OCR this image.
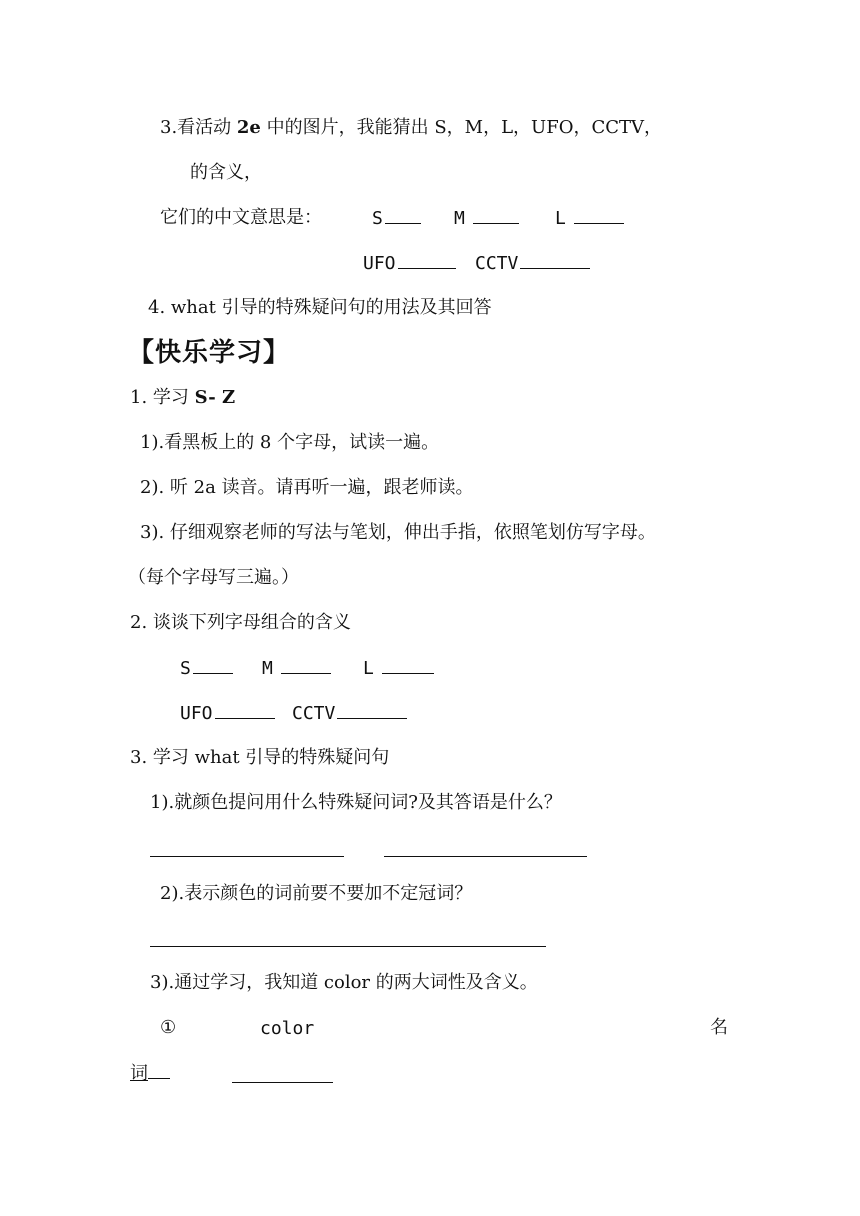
3.看活动 2e 中的图片，我能猜出 S，M，L，UFO，CCTV，
的含义，
它们的中文意思是：	S	M	L
UFO	CCTV
4. what 引导的特殊疑问句的用法及其回答
【快乐学习】
1. 学习 S- Z
1).看黑板上的 8 个字母，试读一遍。
2). 听 2a 读音。请再听一遍，跟老师读。
3). 仔细观察老师的写法与笔划，伸出手指，依照笔划仿写字母。
（每个字母写三遍。）
2. 谈谈下列字母组合的含义
S	M	L
UFO	CCTV
3. 学习 what 引导的特殊疑问句
1).就颜色提问用什么特殊疑问词?及其答语是什么？
2).表示颜色的词前要不要加不定冠词？
3).通过学习，我知道 color 的两大词性及含义。
①	color	名
词
